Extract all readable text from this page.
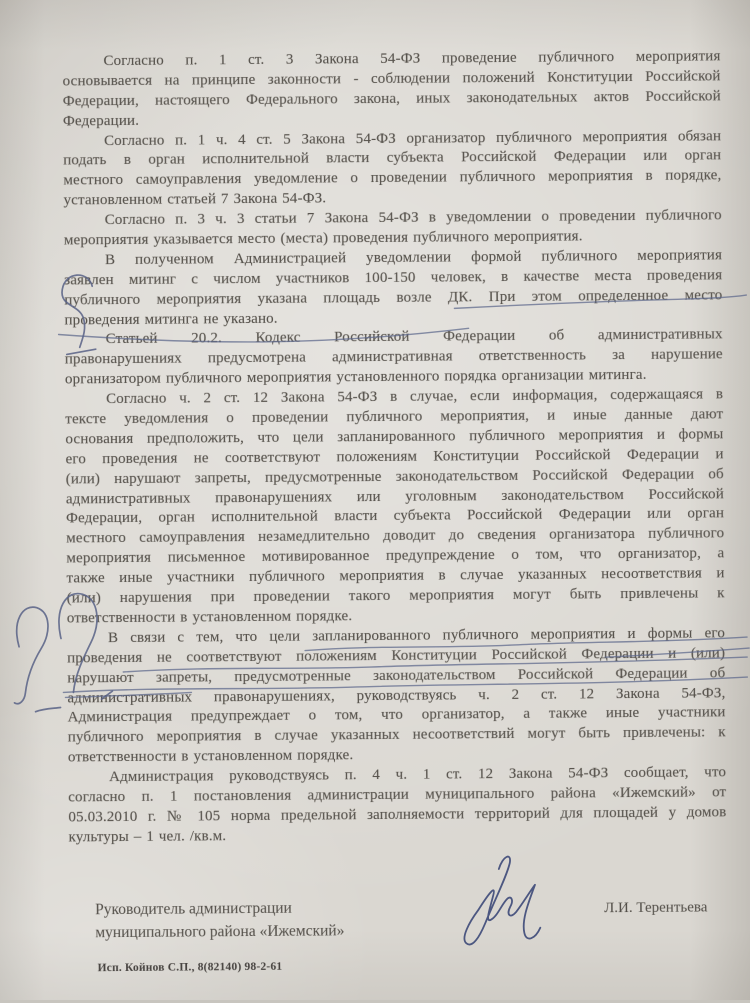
Согласно п. 1 ст. 3 Закона 54-ФЗ проведение публичного мероприятия
основывается на принципе законности - соблюдении положений Конституции Российской
Федерации, настоящего Федерального закона, иных законодательных актов Российской
Федерации.
Согласно п. 1 ч. 4 ст. 5 Закона 54-ФЗ организатор публичного мероприятия обязан
подать в орган исполнительной власти субъекта Российской Федерации или орган
местного самоуправления уведомление о проведении публичного мероприятия в порядке,
установленном статьей 7 Закона 54-ФЗ.
Согласно п. 3 ч. 3 статьи 7 Закона 54-ФЗ в уведомлении о проведении публичного
мероприятия указывается место (места) проведения публичного мероприятия.
В полученном Администрацией уведомлении формой публичного мероприятия
заявлен митинг с числом участников 100-150 человек, в качестве места проведения
публичного мероприятия указана площадь возле ДК. При этом определенное место
проведения митинга не указано.
Статьей 20.2. Кодекс Российской Федерации об административных
правонарушениях предусмотрена административная ответственность за нарушение
организатором публичного мероприятия установленного порядка организации митинга.
Согласно ч. 2 ст. 12 Закона 54-ФЗ в случае, если информация, содержащаяся в
тексте уведомления о проведении публичного мероприятия, и иные данные дают
основания предположить, что цели запланированного публичного мероприятия и формы
его проведения не соответствуют положениям Конституции Российской Федерации и
(или) нарушают запреты, предусмотренные законодательством Российской Федерации об
административных правонарушениях или уголовным законодательством Российской
Федерации, орган исполнительной власти субъекта Российской Федерации или орган
местного самоуправления незамедлительно доводит до сведения организатора публичного
мероприятия письменное мотивированное предупреждение о том, что организатор, а
также иные участники публичного мероприятия в случае указанных несоответствия и
(или) нарушения при проведении такого мероприятия могут быть привлечены к
ответственности в установленном порядке.
В связи с тем, что цели запланированного публичного мероприятия и формы его
проведения не соответствуют положениям Конституции Российской Федерации и (или)
нарушают запреты, предусмотренные законодательством Российской Федерации об
административных правонарушениях, руководствуясь ч. 2 ст. 12 Закона 54-ФЗ,
Администрация предупреждает о том, что организатор, а также иные участники
публичного мероприятия в случае указанных несоответствий могут быть привлечены: к
ответственности в установленном порядке.
Администрация руководствуясь п. 4 ч. 1 ст. 12 Закона 54-ФЗ сообщает, что
согласно п. 1 постановления администрации муниципального района «Ижемский» от
05.03.2010 г. № 105 норма предельной заполняемости территорий для площадей у домов
культуры – 1 чел. /кв.м.
Руководитель администрации
муниципального района «Ижемский»
Л.И. Терентьева
Исп. Койнов С.П., 8(82140) 98-2-61
